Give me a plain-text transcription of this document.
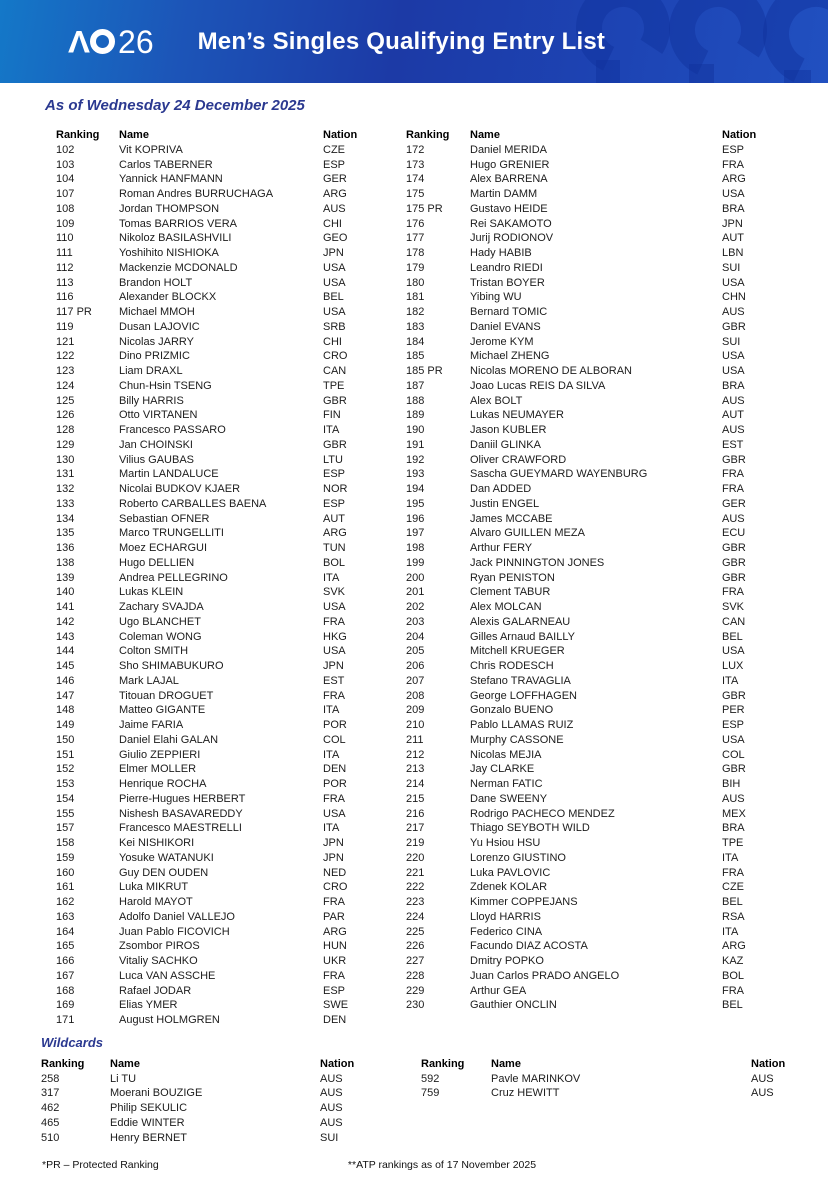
Λ 26 Men’s Singles Qualifying Entry List
As of Wednesday 24 December 2025
Ranking	Name	Nation
102	Vit KOPRIVA	CZE
103	Carlos TABERNER	ESP
104	Yannick HANFMANN	GER
107	Roman Andres BURRUCHAGA	ARG
108	Jordan THOMPSON	AUS
109	Tomas BARRIOS VERA	CHI
110	Nikoloz BASILASHVILI	GEO
111	Yoshihito NISHIOKA	JPN
112	Mackenzie MCDONALD	USA
113	Brandon HOLT	USA
116	Alexander BLOCKX	BEL
117 PR	Michael MMOH	USA
119	Dusan LAJOVIC	SRB
121	Nicolas JARRY	CHI
122	Dino PRIZMIC	CRO
123	Liam DRAXL	CAN
124	Chun-Hsin TSENG	TPE
125	Billy HARRIS	GBR
126	Otto VIRTANEN	FIN
128	Francesco PASSARO	ITA
129	Jan CHOINSKI	GBR
130	Vilius GAUBAS	LTU
131	Martin LANDALUCE	ESP
132	Nicolai BUDKOV KJAER	NOR
133	Roberto CARBALLES BAENA	ESP
134	Sebastian OFNER	AUT
135	Marco TRUNGELLITI	ARG
136	Moez ECHARGUI	TUN
138	Hugo DELLIEN	BOL
139	Andrea PELLEGRINO	ITA
140	Lukas KLEIN	SVK
141	Zachary SVAJDA	USA
142	Ugo BLANCHET	FRA
143	Coleman WONG	HKG
144	Colton SMITH	USA
145	Sho SHIMABUKURO	JPN
146	Mark LAJAL	EST
147	Titouan DROGUET	FRA
148	Matteo GIGANTE	ITA
149	Jaime FARIA	POR
150	Daniel Elahi GALAN	COL
151	Giulio ZEPPIERI	ITA
152	Elmer MOLLER	DEN
153	Henrique ROCHA	POR
154	Pierre-Hugues HERBERT	FRA
155	Nishesh BASAVAREDDY	USA
157	Francesco MAESTRELLI	ITA
158	Kei NISHIKORI	JPN
159	Yosuke WATANUKI	JPN
160	Guy DEN OUDEN	NED
161	Luka MIKRUT	CRO
162	Harold MAYOT	FRA
163	Adolfo Daniel VALLEJO	PAR
164	Juan Pablo FICOVICH	ARG
165	Zsombor PIROS	HUN
166	Vitaliy SACHKO	UKR
167	Luca VAN ASSCHE	FRA
168	Rafael JODAR	ESP
169	Elias YMER	SWE
171	August HOLMGREN	DEN
Ranking	Name	Nation
172	Daniel MERIDA	ESP
173	Hugo GRENIER	FRA
174	Alex BARRENA	ARG
175	Martin DAMM	USA
175 PR	Gustavo HEIDE	BRA
176	Rei SAKAMOTO	JPN
177	Jurij RODIONOV	AUT
178	Hady HABIB	LBN
179	Leandro RIEDI	SUI
180	Tristan BOYER	USA
181	Yibing WU	CHN
182	Bernard TOMIC	AUS
183	Daniel EVANS	GBR
184	Jerome KYM	SUI
185	Michael ZHENG	USA
185 PR	Nicolas MORENO DE ALBORAN	USA
187	Joao Lucas REIS DA SILVA	BRA
188	Alex BOLT	AUS
189	Lukas NEUMAYER	AUT
190	Jason KUBLER	AUS
191	Daniil GLINKA	EST
192	Oliver CRAWFORD	GBR
193	Sascha GUEYMARD WAYENBURG	FRA
194	Dan ADDED	FRA
195	Justin ENGEL	GER
196	James MCCABE	AUS
197	Alvaro GUILLEN MEZA	ECU
198	Arthur FERY	GBR
199	Jack PINNINGTON JONES	GBR
200	Ryan PENISTON	GBR
201	Clement TABUR	FRA
202	Alex MOLCAN	SVK
203	Alexis GALARNEAU	CAN
204	Gilles Arnaud BAILLY	BEL
205	Mitchell KRUEGER	USA
206	Chris RODESCH	LUX
207	Stefano TRAVAGLIA	ITA
208	George LOFFHAGEN	GBR
209	Gonzalo BUENO	PER
210	Pablo LLAMAS RUIZ	ESP
211	Murphy CASSONE	USA
212	Nicolas MEJIA	COL
213	Jay CLARKE	GBR
214	Nerman FATIC	BIH
215	Dane SWEENY	AUS
216	Rodrigo PACHECO MENDEZ	MEX
217	Thiago SEYBOTH WILD	BRA
219	Yu Hsiou HSU	TPE
220	Lorenzo GIUSTINO	ITA
221	Luka PAVLOVIC	FRA
222	Zdenek KOLAR	CZE
223	Kimmer COPPEJANS	BEL
224	Lloyd HARRIS	RSA
225	Federico CINA	ITA
226	Facundo DIAZ ACOSTA	ARG
227	Dmitry POPKO	KAZ
228	Juan Carlos PRADO ANGELO	BOL
229	Arthur GEA	FRA
230	Gauthier ONCLIN	BEL
Wildcards
Ranking	Name	Nation
258	Li TU	AUS
317	Moerani BOUZIGE	AUS
462	Philip SEKULIC	AUS
465	Eddie WINTER	AUS
510	Henry BERNET	SUI
Ranking	Name	Nation
592	Pavle MARINKOV	AUS
759	Cruz HEWITT	AUS
*PR – Protected Ranking	**ATP rankings as of 17 November 2025
